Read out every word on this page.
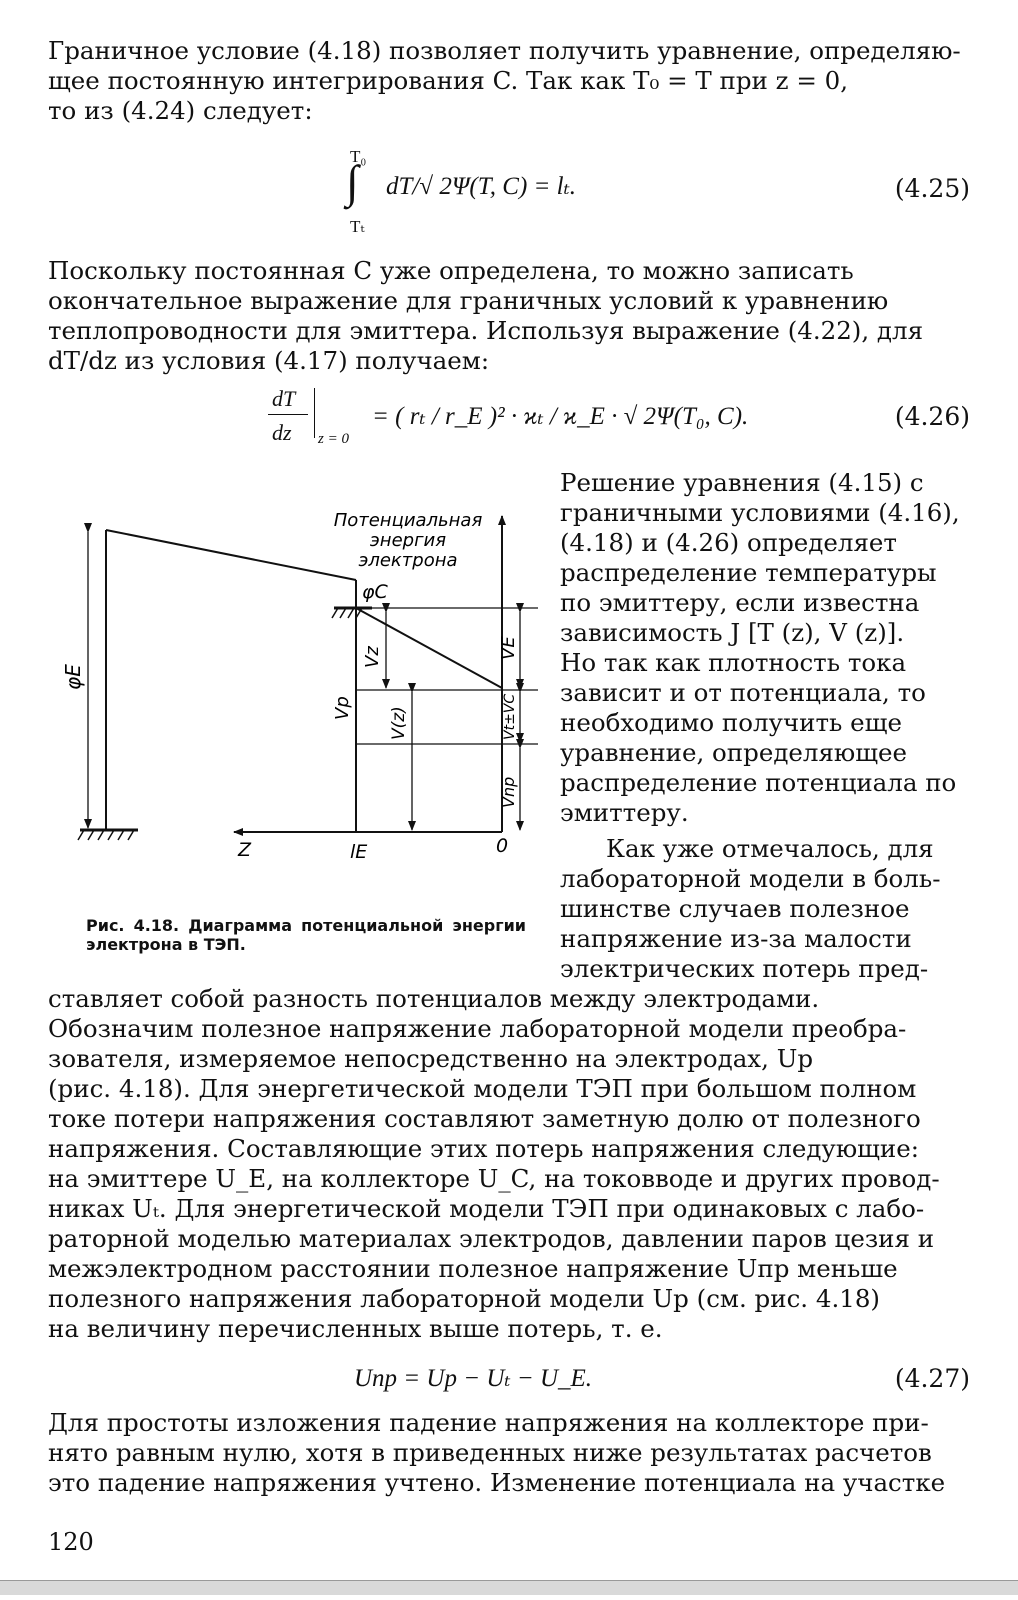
Граничное условие (4.18) позволяет получить уравнение, определяю-
щее постоянную интегрирования C. Так как T₀ = T при z = 0,
то из (4.24) следует:
T₀
∫
Tₜ
dT/√ 2Ψ(T, C) = lₜ.	(4.25)
Поскольку постоянная C уже определена, то можно записать
окончательное выражение для граничных условий к уравнению
теплопроводности для эмиттера. Используя выражение (4.22), для
dT/dz из условия (4.17) получаем:
dT
dz z = 0
= ( rₜ / r_E )² · ϰₜ / ϰ_E · √ 2Ψ(T₀, C).	(4.26)
Решение уравнения (4.15) с
граничными условиями (4.16),
(4.18) и (4.26) определяет
распределение температуры
по эмиттеру, если известна
зависимость J [T (z), V (z)].
Но так как плотность тока
зависит и от потенциала, то
необходимо получить еще
уравнение, определяющее
распределение потенциала по
эмиттеру.
Как уже отмечалось, для
лабораторной модели в боль-
шинстве случаев полезное
напряжение из-за малости
электрических потерь пред-
Потенциальная
энергия
электрона
φC
φE
Vz
Vp V(z)
VE
Vt±VC
Vnp
Z	lE	0
Рис. 4.18. Диаграмма потенциальной энергии электрона в ТЭП.
ставляет собой разность потенциалов между электродами.
Обозначим полезное напряжение лабораторной модели преобра-
зователя, измеряемое непосредственно на электродах, Uр
(рис. 4.18). Для энергетической модели ТЭП при большом полном
токе потери напряжения составляют заметную долю от полезного
напряжения. Составляющие этих потерь напряжения следующие:
на эмиттере U_E, на коллекторе U_C, на токовводе и других провод-
никах Uₜ. Для энергетической модели ТЭП при одинаковых с лабо-
раторной моделью материалах электродов, давлении паров цезия и
межэлектродном расстоянии полезное напряжение Uпр меньше
полезного напряжения лабораторной модели Uр (см. рис. 4.18)
на величину перечисленных выше потерь, т. е.
Uпр = Uр − Uₜ − U_E.	(4.27)
Для простоты изложения падение напряжения на коллекторе при-
нято равным нулю, хотя в приведенных ниже результатах расчетов
это падение напряжения учтено. Изменение потенциала на участке
120
